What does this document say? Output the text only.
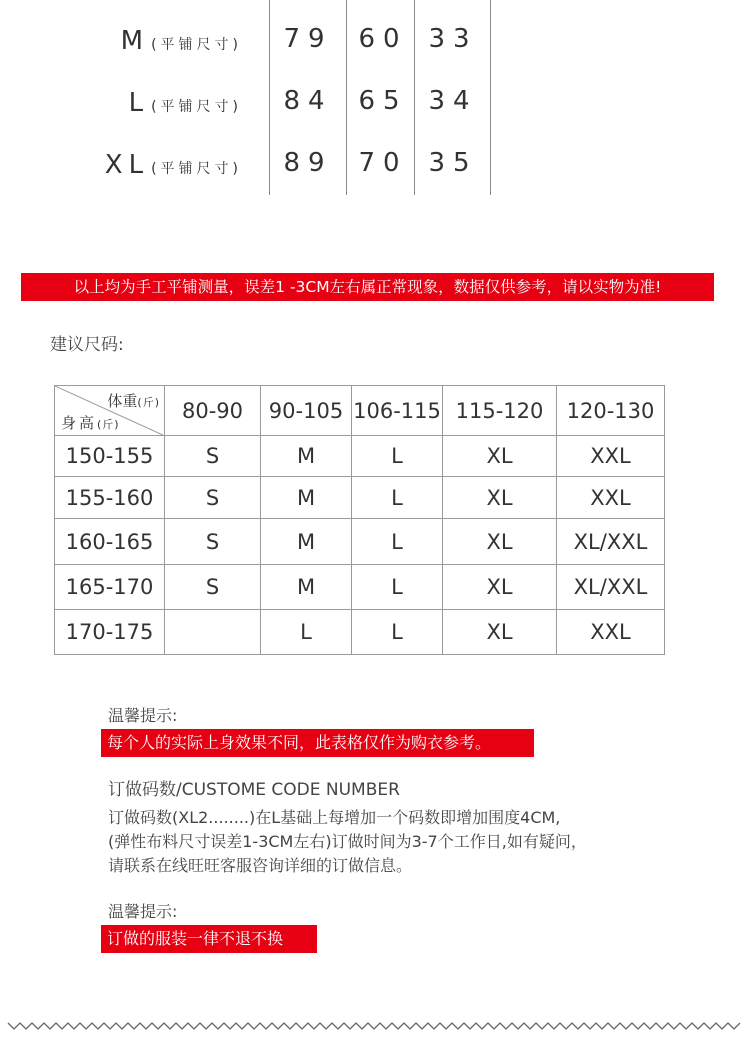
M (平铺尺寸)	79 60 33
L (平铺尺寸)	84 65 34
XL (平铺尺寸)	89 70 35
以上均为手工平铺测量，误差1 -3CM左右属正常现象，数据仅供参考，请以实物为准!
建议尺码:
体重(斤)
身高(斤)	80-90	90-105	106-115	115-120	120-130
150-155	S	M	L	XL	XXL
155-160	S	M	L	XL	XXL
160-165	S	M	L	XL	XL/XXL
165-170	S	M	L	XL	XL/XXL
170-175		L	L	XL	XXL
温馨提示:
每个人的实际上身效果不同，此表格仅作为购衣参考。
订做码数/CUSTOME CODE NUMBER
订做码数(XL2........)在L基础上每增加一个码数即增加围度4CM,
(弹性布料尺寸误差1-3CM左右)订做时间为3-7个工作日,如有疑问，
请联系在线旺旺客服咨询详细的订做信息。
温馨提示:
订做的服装一律不退不换
